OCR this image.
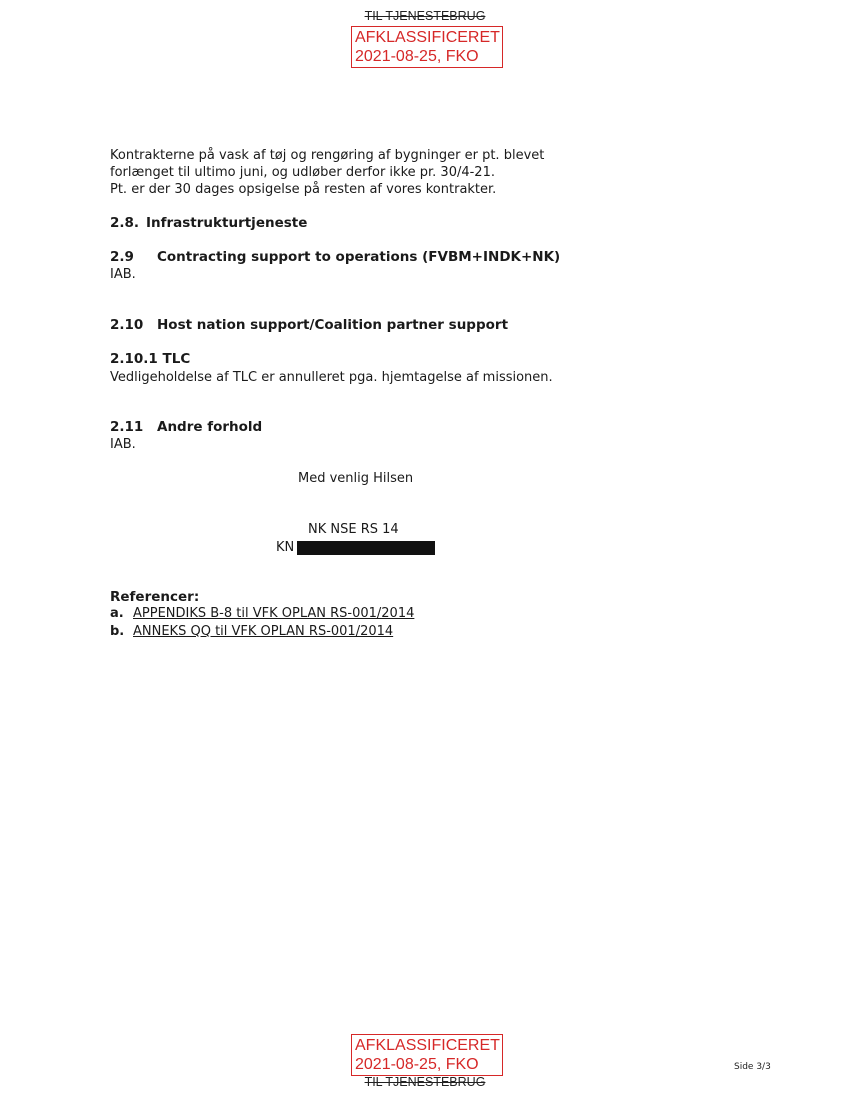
TIL TJENESTEBRUG
AFKLASSIFICERET
2021-08-25, FKO
Kontrakterne på vask af tøj og rengøring af bygninger er pt. blevet
forlænget til ultimo juni, og udløber derfor ikke pr. 30/4-21.
Pt. er der 30 dages opsigelse på resten af vores kontrakter.
2.8. Infrastrukturtjeneste
2.9 Contracting support to operations (FVBM+INDK+NK)
IAB.
2.10 Host nation support/Coalition partner support
2.10.1 TLC
Vedligeholdelse af TLC er annulleret pga. hjemtagelse af missionen.
2.11 Andre forhold
IAB.
Med venlig Hilsen
NK NSE RS 14
KN
Referencer:
a. APPENDIKS B-8 til VFK OPLAN RS-001/2014
b. ANNEKS QQ til VFK OPLAN RS-001/2014
AFKLASSIFICERET
2021-08-25, FKO
TIL TJENESTEBRUG
Side 3/3
